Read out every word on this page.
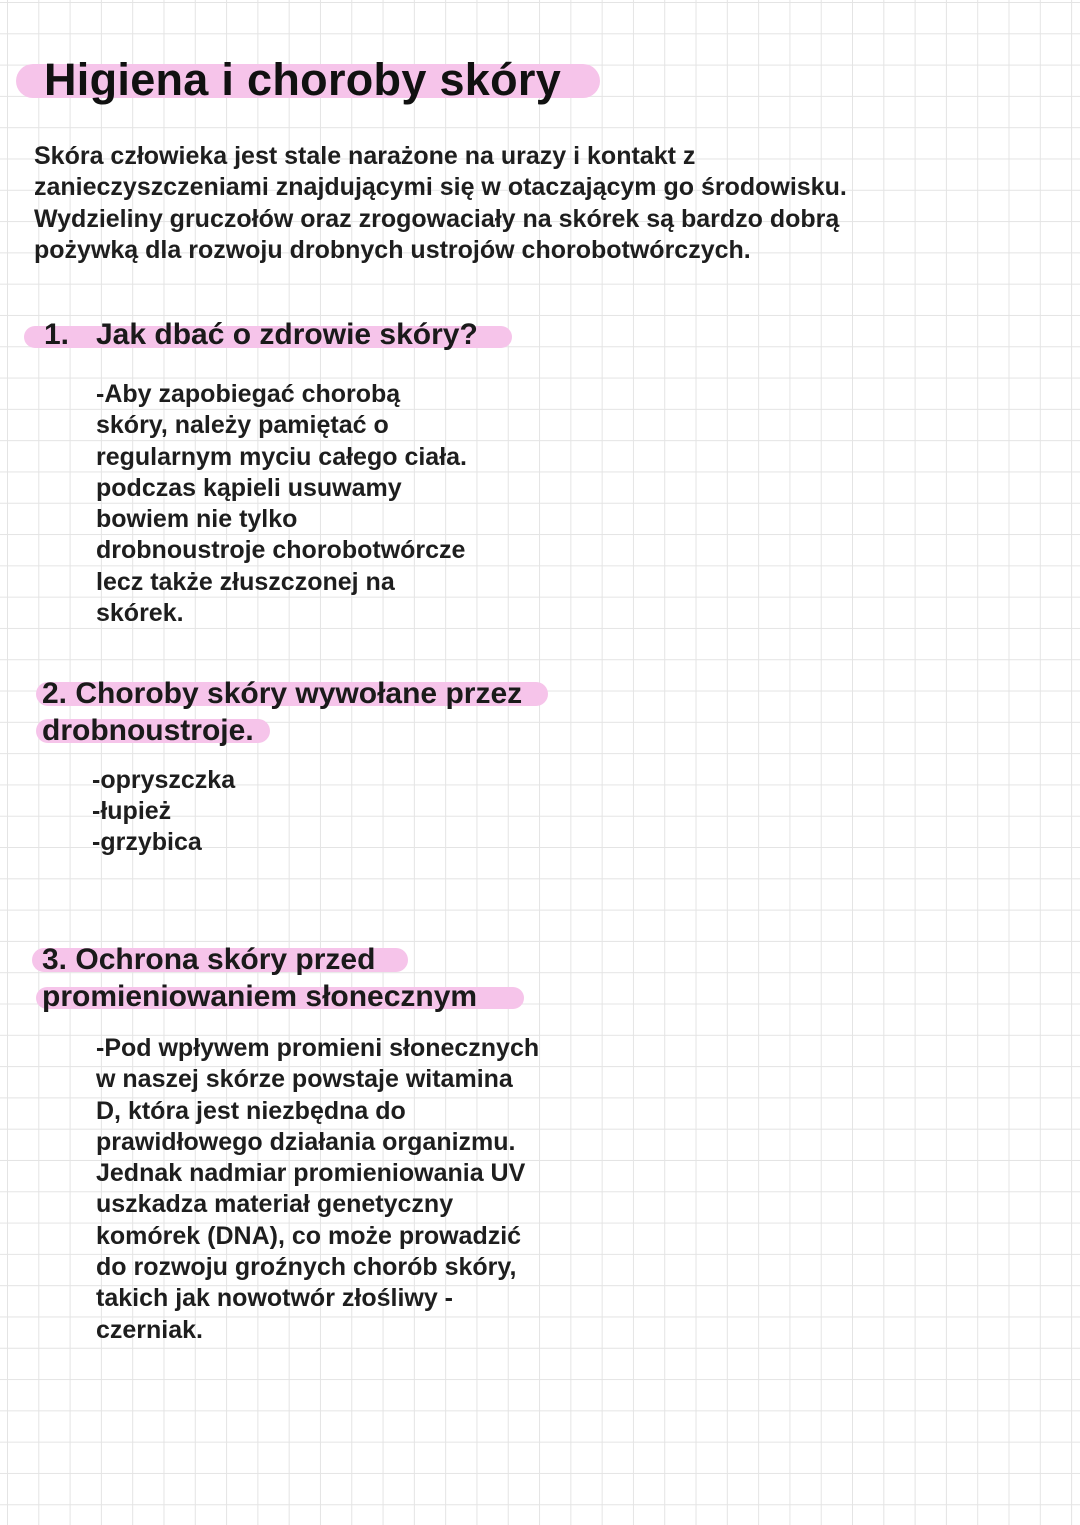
Higiena i choroby skóry
Skóra człowieka jest stale narażone na urazy i kontakt z
zanieczyszczeniami znajdującymi się w otaczającym go środowisku.
Wydzieliny gruczołów oraz zrogowaciały na skórek są bardzo dobrą
pożywką dla rozwoju drobnych ustrojów chorobotwórczych.
1. Jak dbać o zdrowie skóry?
-Aby zapobiegać chorobą
skóry, należy pamiętać o
regularnym myciu całego ciała.
podczas kąpieli usuwamy
bowiem nie tylko
drobnoustroje chorobotwórcze
lecz także złuszczonej na
skórek.
2. Choroby skóry wywołane przez
drobnoustroje.
-opryszczka
-łupież
-grzybica
3. Ochrona skóry przed
promieniowaniem słonecznym
-Pod wpływem promieni słonecznych
w naszej skórze powstaje witamina
D, która jest niezbędna do
prawidłowego działania organizmu.
Jednak nadmiar promieniowania UV
uszkadza materiał genetyczny
komórek (DNA), co może prowadzić
do rozwoju groźnych chorób skóry,
takich jak nowotwór złośliwy -
czerniak.
